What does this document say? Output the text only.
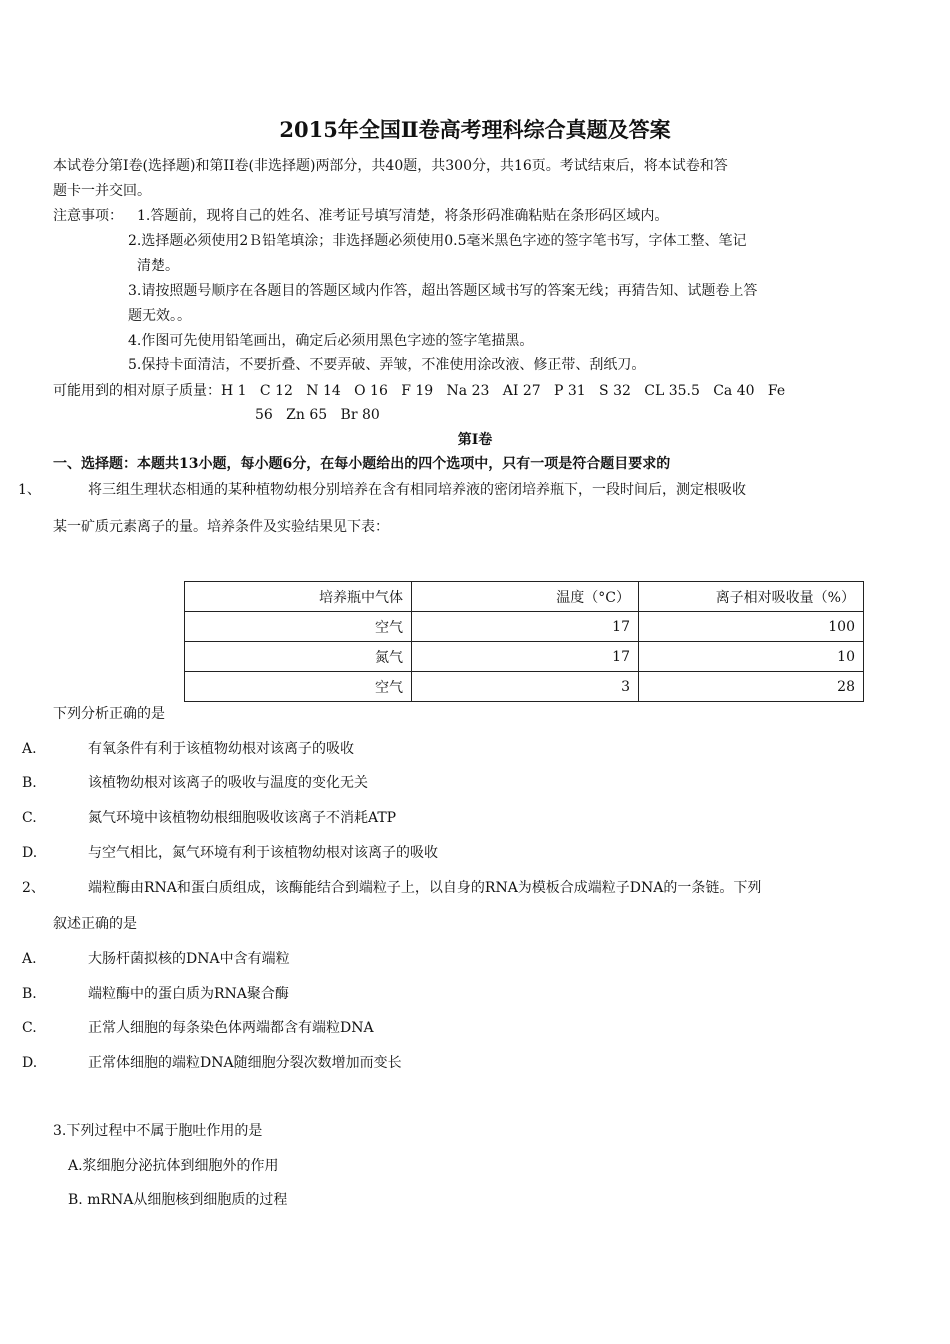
2015年全国Ⅱ卷高考理科综合真题及答案
本试卷分第Ⅰ卷(选择题)和第II卷(非选择题)两部分，共40题，共300分，共16页。考试结束后，将本试卷和答
题卡一并交回。
注意事项： 1.答题前，现将自己的姓名、准考证号填写清楚，将条形码准确粘贴在条形码区域内。
2.选择题必须使用2Ｂ铅笔填涂；非选择题必须使用0.5毫米黑色字迹的签字笔书写，字体工整、笔记
清楚。
3.请按照题号顺序在各题目的答题区域内作答，超出答题区域书写的答案无线；再猜告知、试题卷上答
题无效。。
4.作图可先使用铅笔画出，确定后必须用黑色字迹的签字笔描黑。
5.保持卡面清洁，不要折叠、不要弄破、弄皱，不准使用涂改液、修正带、刮纸刀。
可能用到的相对原子质量：H 1   C 12   N 14   O 16   F 19   Na 23   AI 27   P 31   S 32   CL 35.5   Ca 40   Fe
56   Zn 65   Br 80
第Ⅰ卷
一、选择题：本题共13小题，每小题6分，在每小题给出的四个选项中，只有一项是符合题目要求的
1、	将三组生理状态相通的某种植物幼根分别培养在含有相同培养液的密闭培养瓶下，一段时间后，测定根吸收
某一矿质元素离子的量。培养条件及实验结果见下表：
培养瓶中气体	温度（°C）	离子相对吸收量（%）
空气	17	100
氮气	17	10
空气	3	28
下列分析正确的是
A.	有氧条件有利于该植物幼根对该离子的吸收
B.	该植物幼根对该离子的吸收与温度的变化无关
C.	氮气环境中该植物幼根细胞吸收该离子不消耗ATP
D.	与空气相比，氮气环境有利于该植物幼根对该离子的吸收
2、	端粒酶由RNA和蛋白质组成，该酶能结合到端粒子上，以自身的RNA为模板合成端粒子DNA的一条链。下列
叙述正确的是
A.	大肠杆菌拟核的DNA中含有端粒
B.	端粒酶中的蛋白质为RNA聚合酶
C.	正常人细胞的每条染色体两端都含有端粒DNA
D.	正常体细胞的端粒DNA随细胞分裂次数增加而变长
3.下列过程中不属于胞吐作用的是
A.浆细胞分泌抗体到细胞外的作用
B. mRNA从细胞核到细胞质的过程
